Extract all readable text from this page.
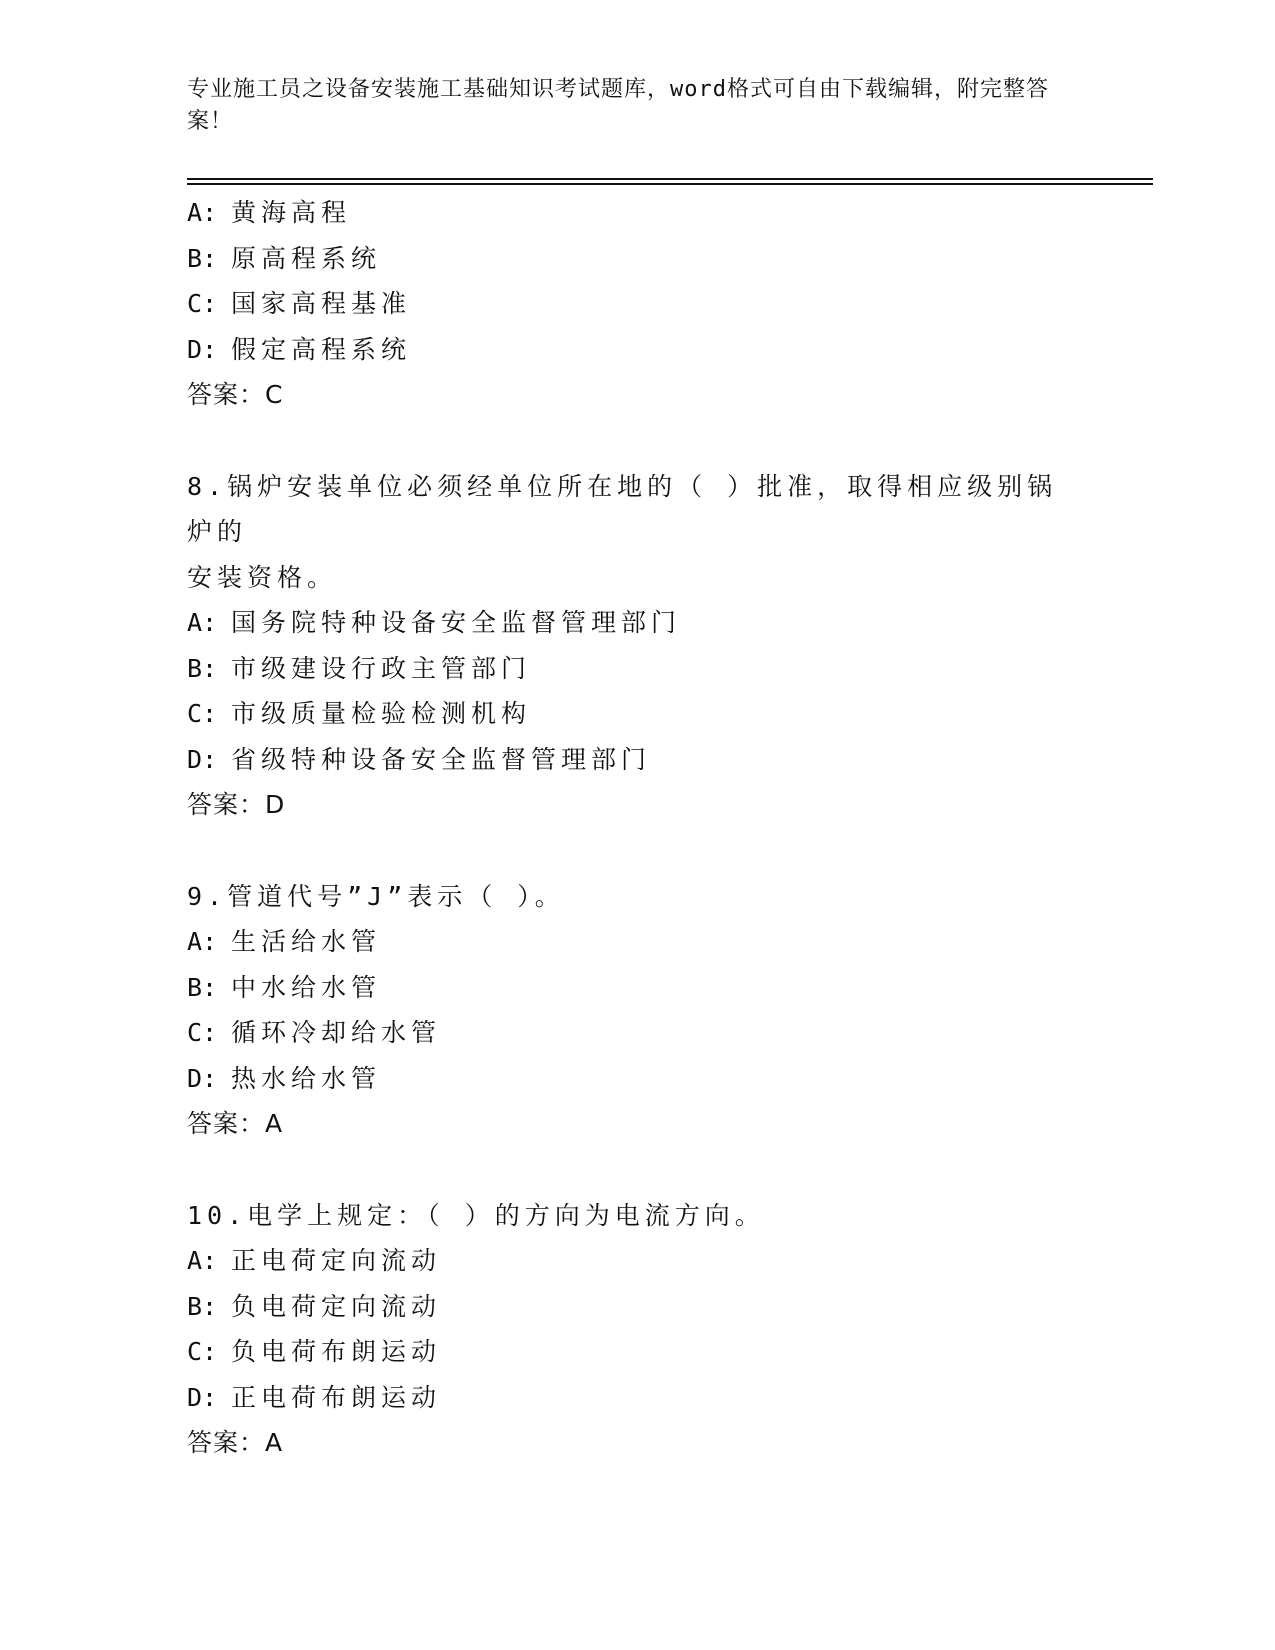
专业施工员之设备安装施工基础知识考试题库，word格式可自由下载编辑，附完整答案！
A: 黄海高程
B: 原高程系统
C: 国家高程基准
D: 假定高程系统
答案：C
8.锅炉安装单位必须经单位所在地的（ ）批准，取得相应级别锅炉的
安装资格。
A: 国务院特种设备安全监督管理部门
B: 市级建设行政主管部门
C: 市级质量检验检测机构
D: 省级特种设备安全监督管理部门
答案：D
9.管道代号”J”表示（ ）。
A: 生活给水管
B: 中水给水管
C: 循环冷却给水管
D: 热水给水管
答案：A
10.电学上规定：（ ）的方向为电流方向。
A: 正电荷定向流动
B: 负电荷定向流动
C: 负电荷布朗运动
D: 正电荷布朗运动
答案：A
